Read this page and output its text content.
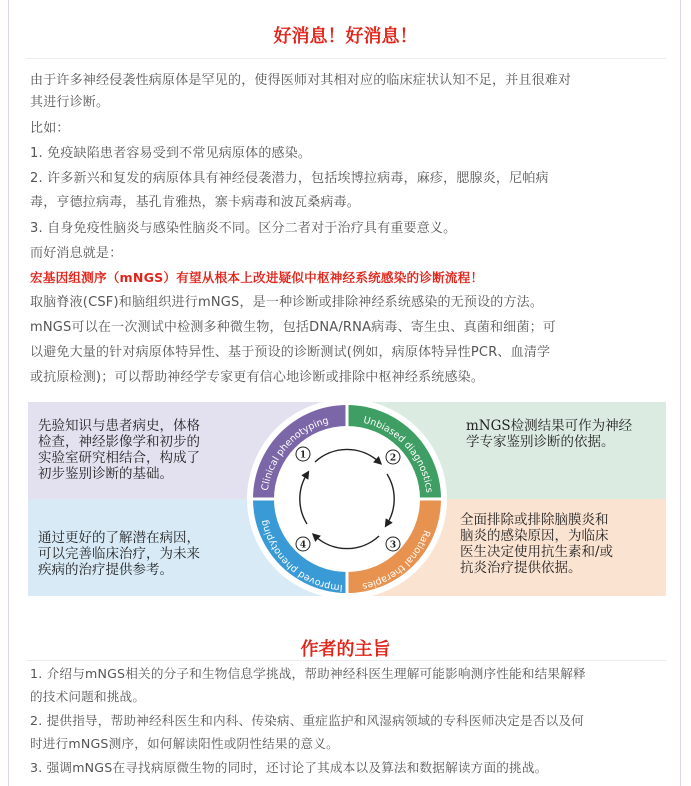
好消息！好消息！
由于许多神经侵袭性病原体是罕见的，使得医师对其相对应的临床症状认知不足，并且很难对
其进行诊断。
比如：
1. 免疫缺陷患者容易受到不常见病原体的感染。
2. 许多新兴和复发的病原体具有神经侵袭潜力，包括埃博拉病毒，麻疹，腮腺炎，尼帕病
毒，亨德拉病毒，基孔肯雅热，寨卡病毒和波瓦桑病毒。
3. 自身免疫性脑炎与感染性脑炎不同。区分二者对于治疗具有重要意义。
而好消息就是：
宏基因组测序（mNGS）有望从根本上改进疑似中枢神经系统感染的诊断流程！
取脑脊液(CSF)和脑组织进行mNGS，是一种诊断或排除神经系统感染的无预设的方法。
mNGS可以在一次测试中检测多种微生物，包括DNA/RNA病毒、寄生虫、真菌和细菌；可
以避免大量的针对病原体特异性、基于预设的诊断测试(例如，病原体特异性PCR、血清学
或抗原检测)；可以帮助神经学专家更有信心地诊断或排除中枢神经系统感染。
先验知识与患者病史，体格
检查，神经影像学和初步的
实验室研究相结合，构成了
初步鉴别诊断的基础。
mNGS检测结果可作为神经
学专家鉴别诊断的依据。
通过更好的了解潜在病因，
可以完善临床治疗，为未来
疾病的治疗提供参考。
全面排除或排除脑膜炎和
脑炎的感染原因，为临床
医生决定使用抗生素和/或
抗炎治疗提供依据。
Clinical phenotyping	Unbiased diagnostics
Rational therapies
Improved phenotyping
1	2
3
4
作者的主旨
1. 介绍与mNGS相关的分子和生物信息学挑战，帮助神经科医生理解可能影响测序性能和结果解释
的技术问题和挑战。
2. 提供指导，帮助神经科医生和内科、传染病、重症监护和风湿病领域的专科医师决定是否以及何
时进行mNGS测序，如何解读阳性或阴性结果的意义。
3. 强调mNGS在寻找病原微生物的同时，还讨论了其成本以及算法和数据解读方面的挑战。
